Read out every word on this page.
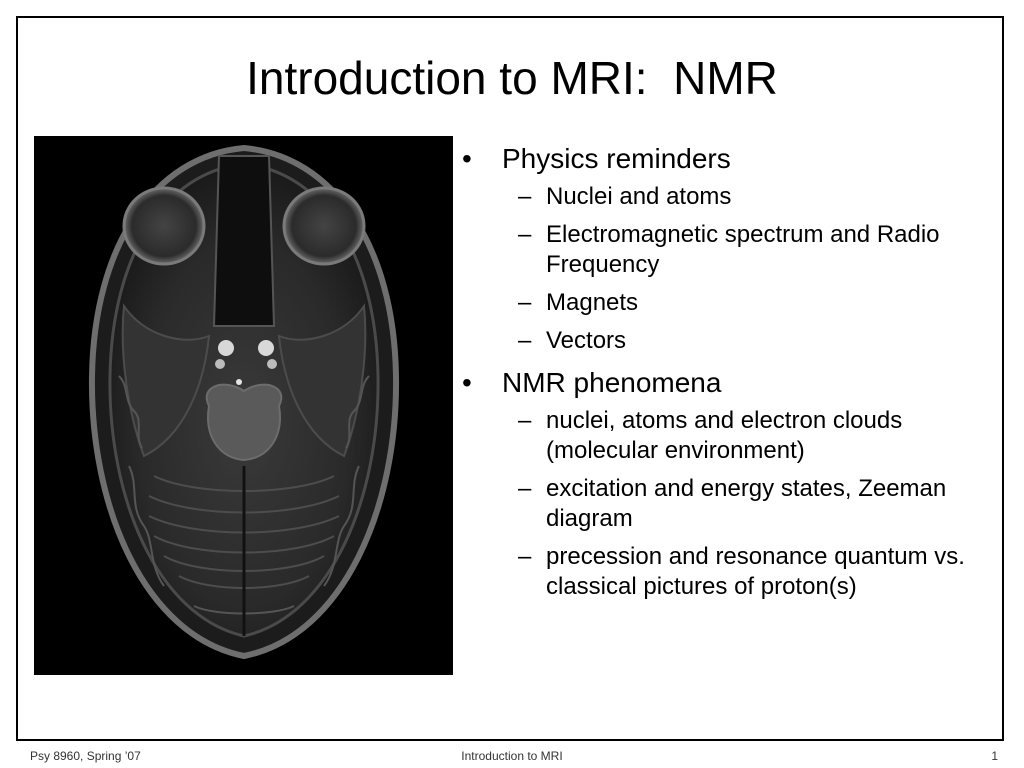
Introduction to MRI:  NMR
• Physics reminders
– Nuclei and atoms
– Electromagnetic spectrum and Radio Frequency
– Magnets
– Vectors
• NMR phenomena
– nuclei, atoms and electron clouds (molecular environment)
– excitation and energy states, Zeeman diagram
– precession and resonance quantum vs. classical pictures of proton(s)
Psy 8960, Spring ’07	Introduction to MRI	1
